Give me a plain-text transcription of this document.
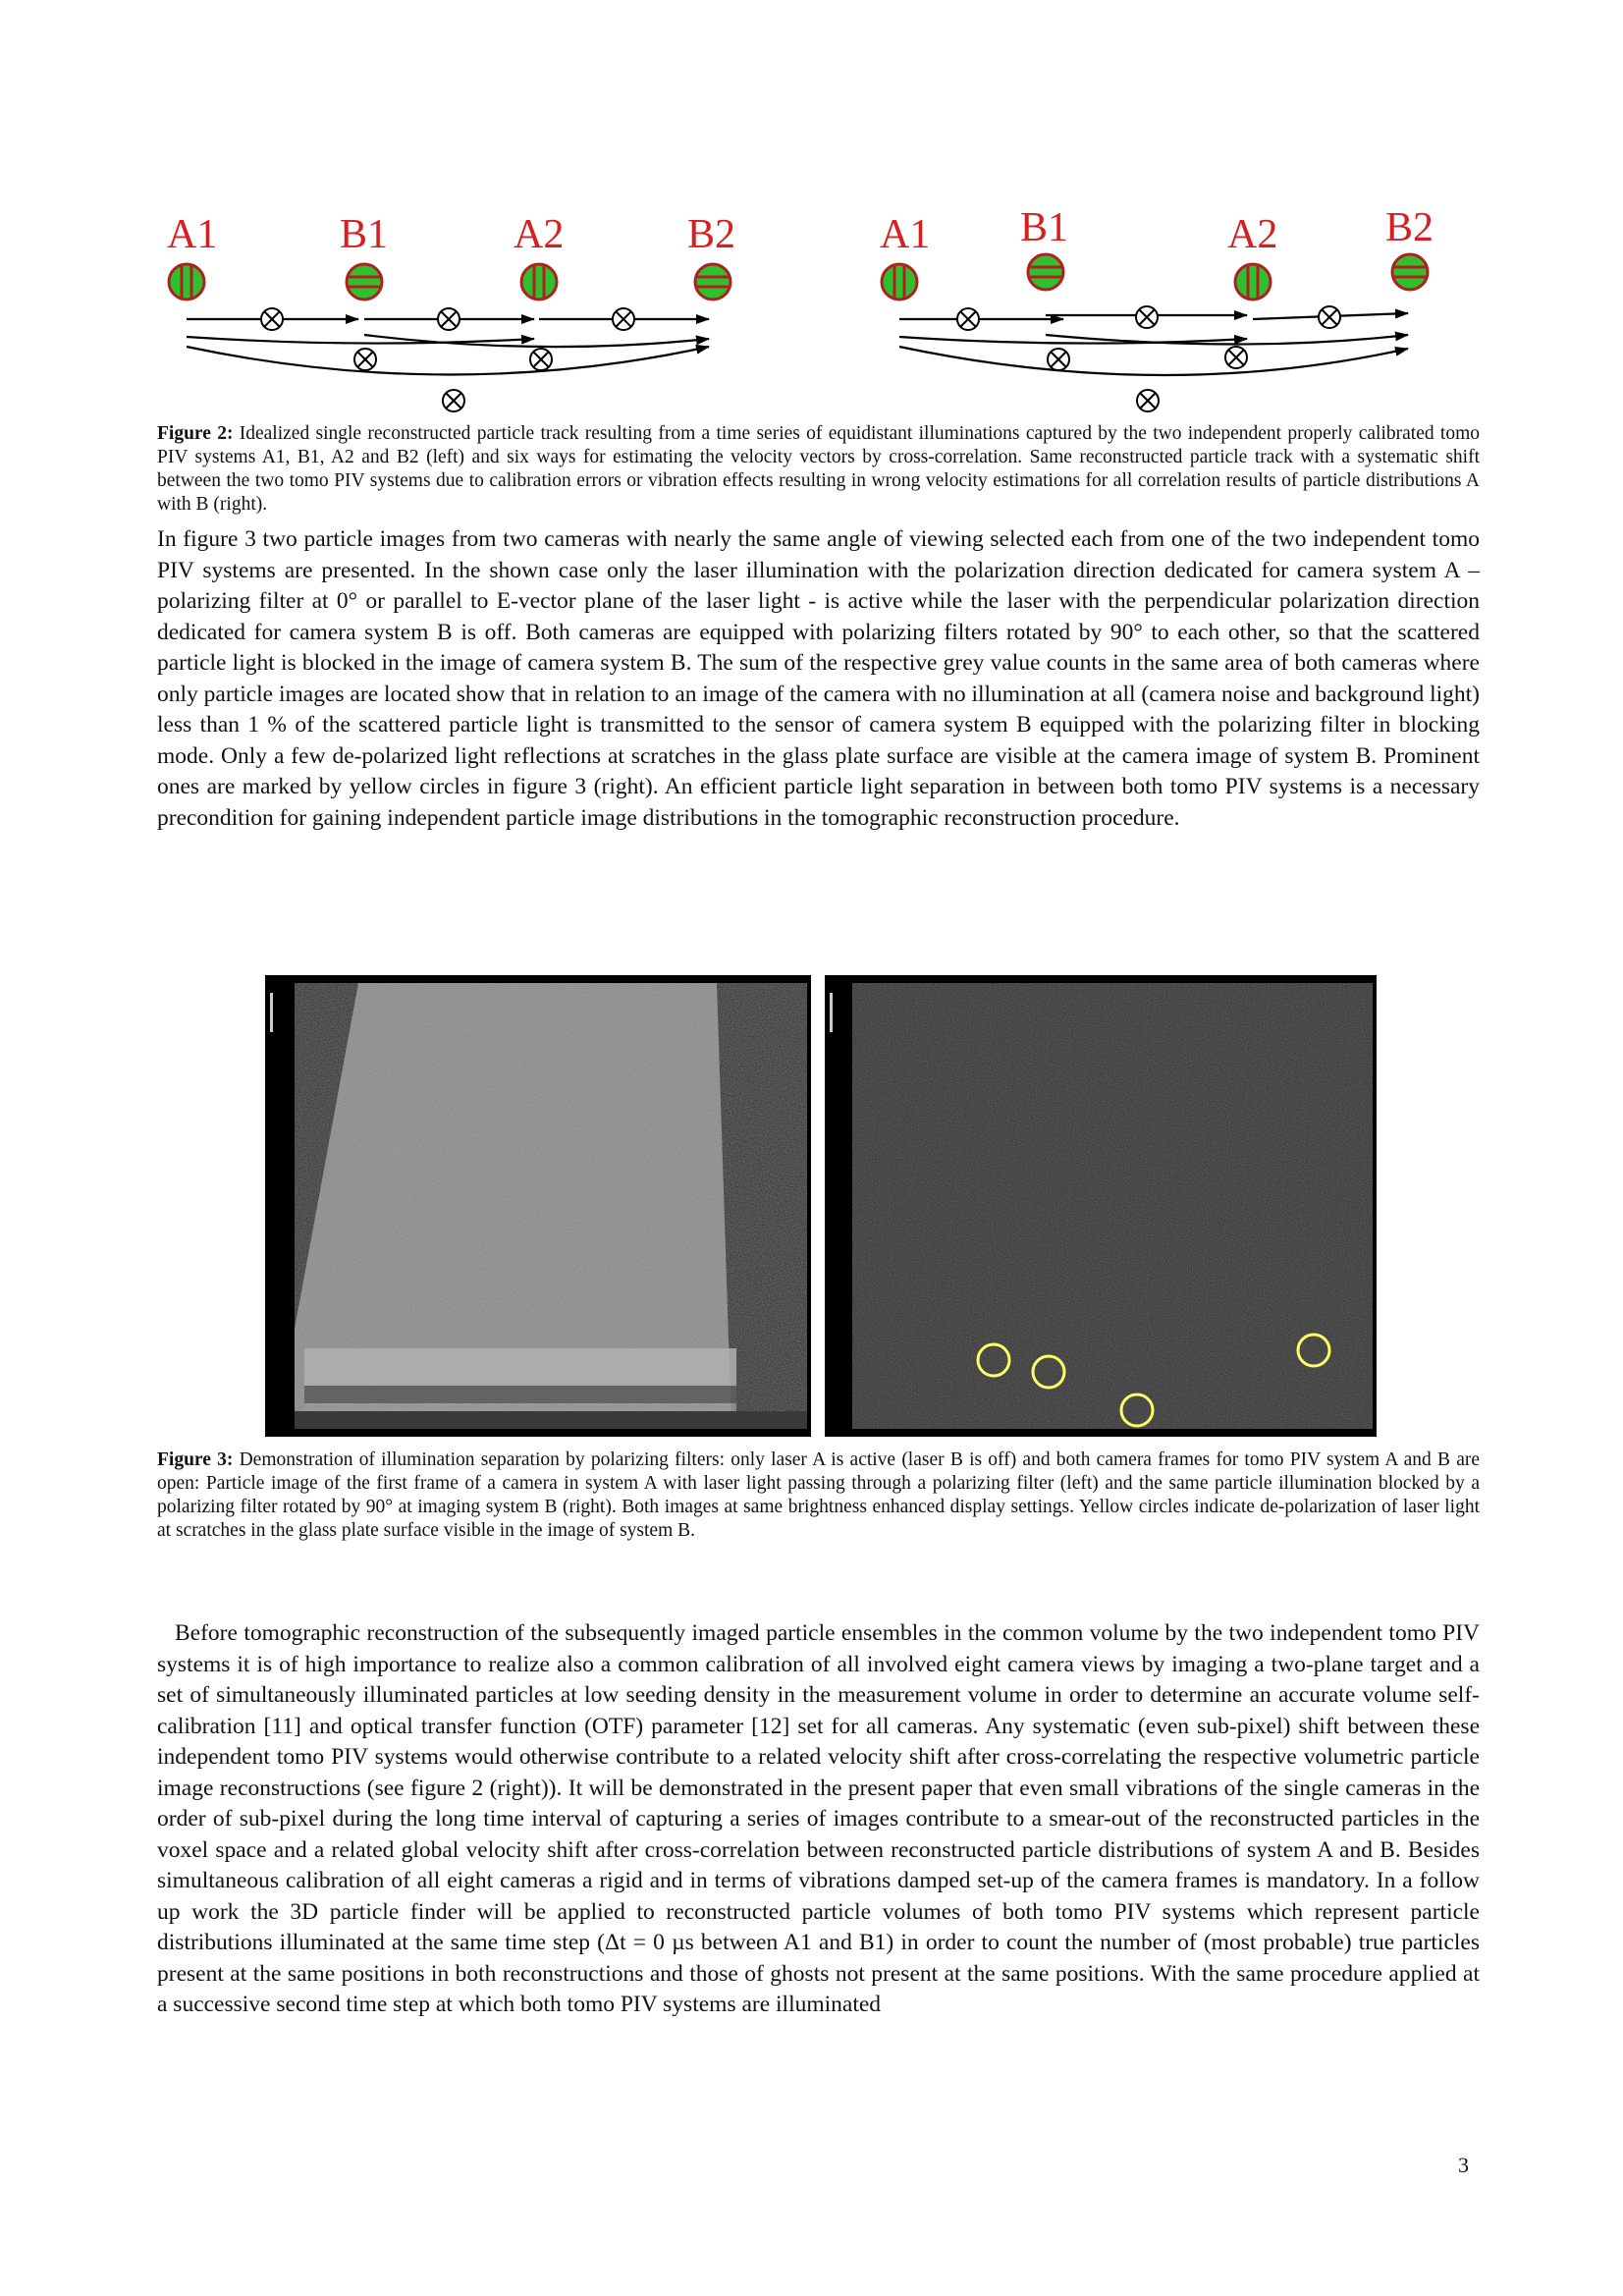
A1	B1	A2	B2	A1 B1	A2	B2
Figure 2: Idealized single reconstructed particle track resulting from a time series of equidistant illuminations captured by the two independent properly calibrated tomo PIV systems A1, B1, A2 and B2 (left) and six ways for estimating the velocity vectors by cross-correlation. Same reconstructed particle track with a systematic shift between the two tomo PIV systems due to calibration errors or vibration effects resulting in wrong velocity estimations for all correlation results of particle distributions A with B (right).

In figure 3 two particle images from two cameras with nearly the same angle of viewing selected each from one of the two independent tomo PIV systems are presented. In the shown case only the laser illumination with the polarization direction dedicated for camera system A – polarizing filter at 0° or parallel to E-vector plane of the laser light - is active while the laser with the perpendicular polarization direction dedicated for camera system B is off. Both cameras are equipped with polarizing filters rotated by 90° to each other, so that the scattered particle light is blocked in the image of camera system B. The sum of the respective grey value counts in the same area of both cameras where only particle images are located show that in relation to an image of the camera with no illumination at all (camera noise and background light) less than 1 % of the scattered particle light is transmitted to the sensor of camera system B equipped with the polarizing filter in blocking mode. Only a few de-polarized light reflections at scratches in the glass plate surface are visible at the camera image of system B. Prominent ones are marked by yellow circles in figure 3 (right). An efficient particle light separation in between both tomo PIV systems is a necessary precondition for gaining independent particle image distributions in the tomographic reconstruction procedure.

Figure 3: Demonstration of illumination separation by polarizing filters: only laser A is active (laser B is off) and both camera frames for tomo PIV system A and B are open: Particle image of the first frame of a camera in system A with laser light passing through a polarizing filter (left) and the same particle illumination blocked by a polarizing filter rotated by 90° at imaging system B (right). Both images at same brightness enhanced display settings. Yellow circles indicate de-polarization of laser light at scratches in the glass plate surface visible in the image of system B.

Before tomographic reconstruction of the subsequently imaged particle ensembles in the common volume by the two independent tomo PIV systems it is of high importance to realize also a common calibration of all involved eight camera views by imaging a two-plane target and a set of simultaneously illuminated particles at low seeding density in the measurement volume in order to determine an accurate volume self-calibration [11] and optical transfer function (OTF) parameter [12] set for all cameras. Any systematic (even sub-pixel) shift between these independent tomo PIV systems would otherwise contribute to a related velocity shift after cross-correlating the respective volumetric particle image reconstructions (see figure 2 (right)). It will be demonstrated in the present paper that even small vibrations of the single cameras in the order of sub-pixel during the long time interval of capturing a series of images contribute to a smear-out of the reconstructed particles in the voxel space and a related global velocity shift after cross-correlation between reconstructed particle distributions of system A and B. Besides simultaneous calibration of all eight cameras a rigid and in terms of vibrations damped set-up of the camera frames is mandatory. In a follow up work the 3D particle finder will be applied to reconstructed particle volumes of both tomo PIV systems which represent particle distributions illuminated at the same time step (Δt = 0 µs between A1 and B1) in order to count the number of (most probable) true particles present at the same positions in both reconstructions and those of ghosts not present at the same positions. With the same procedure applied at a successive second time step at which both tomo PIV systems are illuminated

3
